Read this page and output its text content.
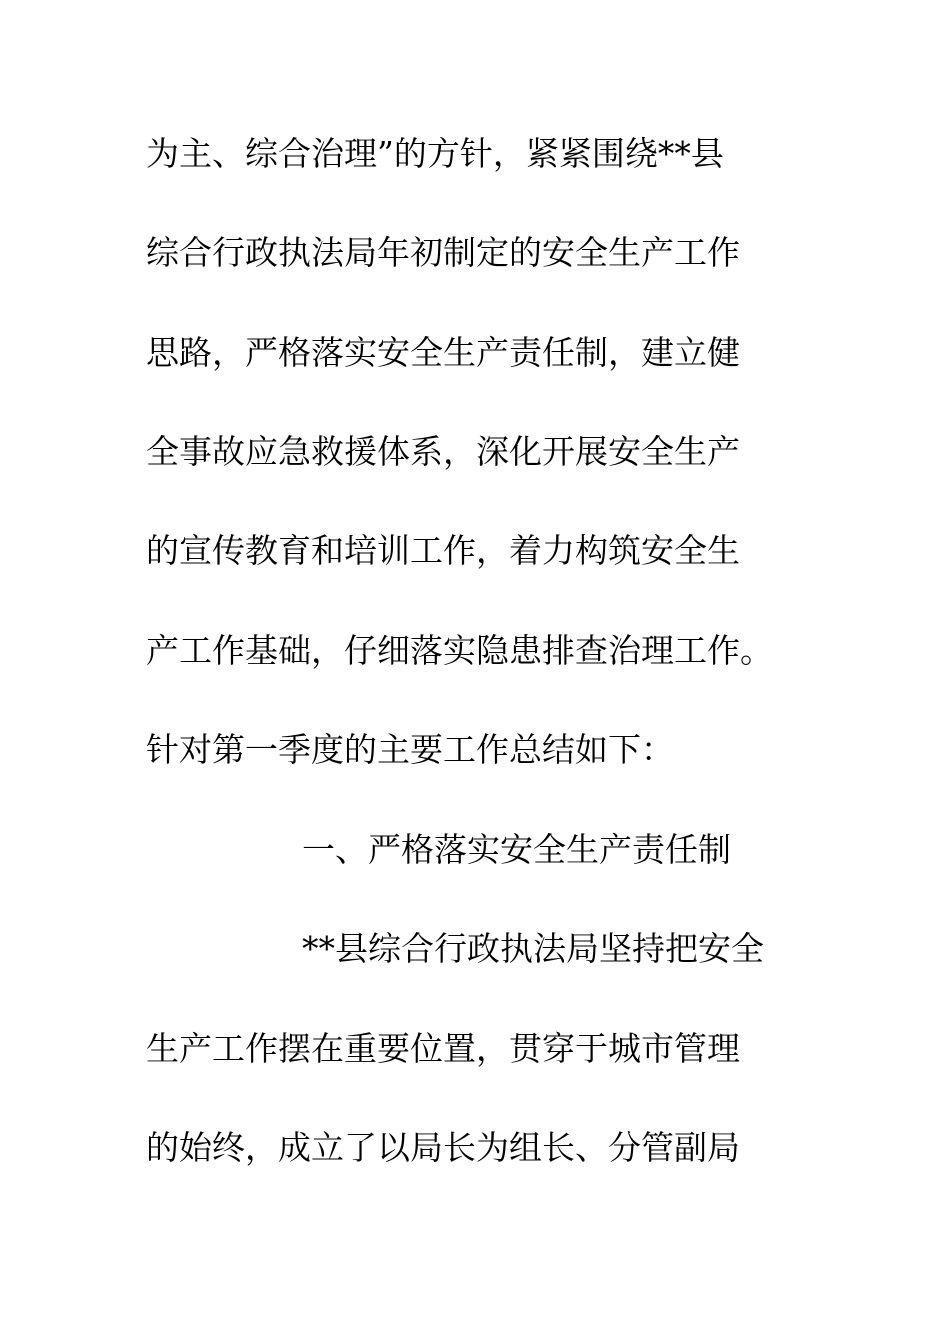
为主、综合治理”的方针，紧紧围绕**县
综合行政执法局年初制定的安全生产工作
思路，严格落实安全生产责任制，建立健
全事故应急救援体系，深化开展安全生产
的宣传教育和培训工作，着力构筑安全生
产工作基础，仔细落实隐患排查治理工作。
针对第一季度的主要工作总结如下：
一、严格落实安全生产责任制
**县综合行政执法局坚持把安全
生产工作摆在重要位置，贯穿于城市管理
的始终，成立了以局长为组长、分管副局
